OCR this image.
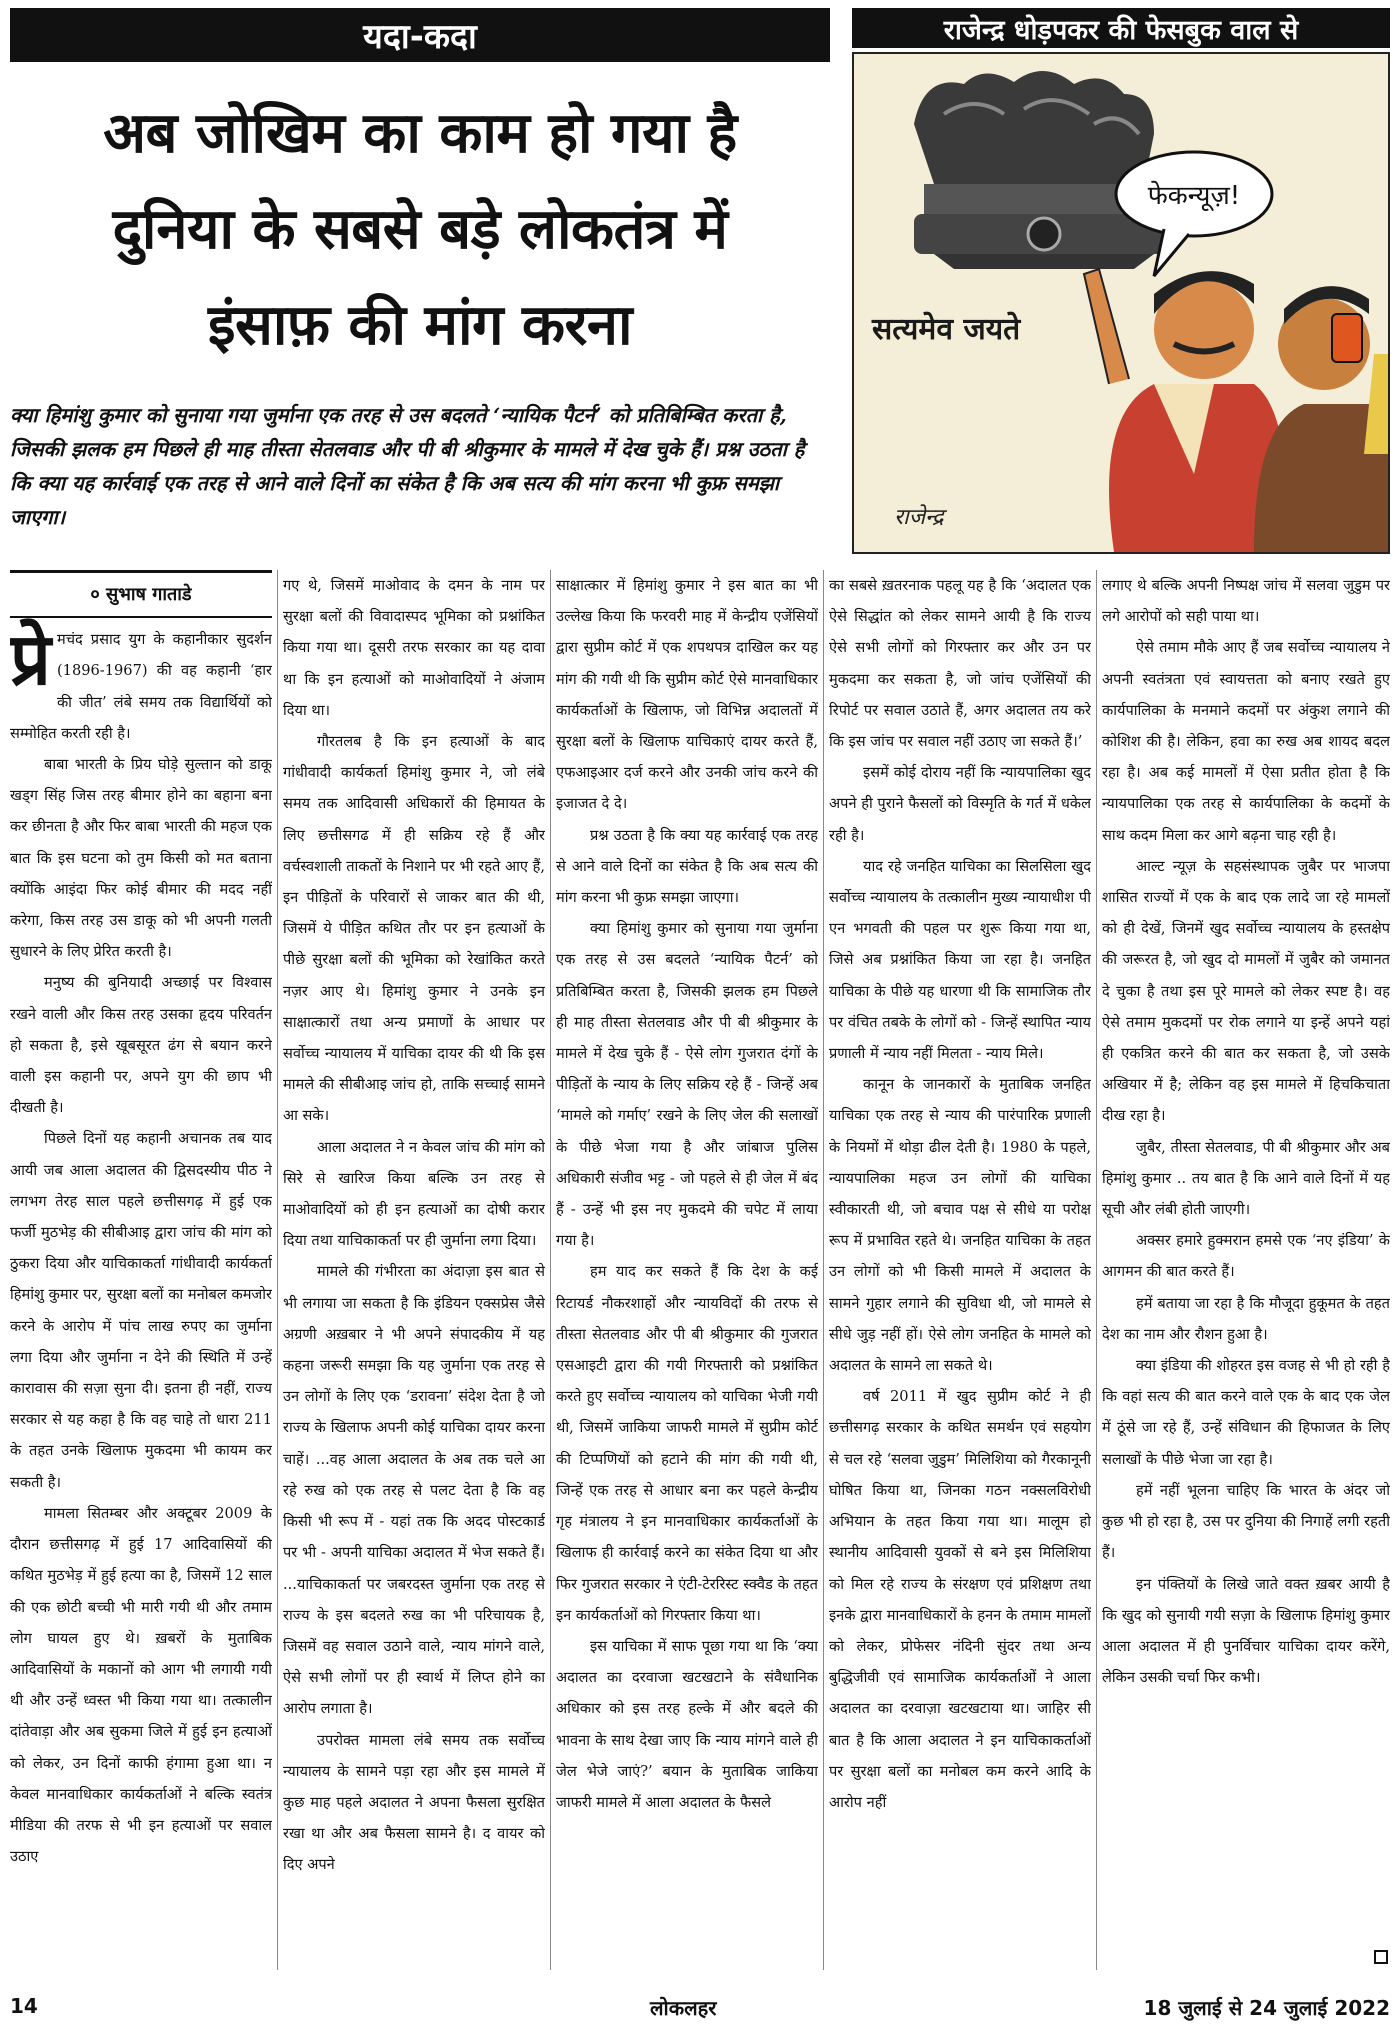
यदा-कदा	राजेन्द्र धोड़पकर की फेसबुक वाल से
अब जोखिम का काम हो गया है
दुनिया के सबसे बड़े लोकतंत्र में
इंसाफ़ की मांग करना

क्या हिमांशु कुमार को सुनाया गया जुर्माना एक तरह से उस बदलते ‘न्यायिक पैटर्न’ को प्रतिबिम्बित करता है, जिसकी झलक हम पिछले ही माह तीस्ता सेतलवाड और पी बी श्रीकुमार के मामले में देख चुके हैं। प्रश्न उठता है कि क्या यह कार्रवाई एक तरह से आने वाले दिनों का संकेत है कि अब सत्य की मांग करना भी कुफ्र समझा जाएगा।

सत्यमेव जयते
फेकन्यूज़!
राजेन्द्र
० सुभाष गाताडे

प्रे मचंद प्रसाद युग के कहानीकार सुदर्शन (1896-1967) की वह कहानी ‘हार की जीत’ लंबे समय तक विद्यार्थियों को सम्मोहित करती रही है।

बाबा भारती के प्रिय घोड़े सुल्तान को डाकू खड्ग सिंह जिस तरह बीमार होने का बहाना बना कर छीनता है और फिर बाबा भारती की महज एक बात कि इस घटना को तुम किसी को मत बताना क्योंकि आइंदा फिर कोई बीमार की मदद नहीं करेगा, किस तरह उस डाकू को भी अपनी गलती सुधारने के लिए प्रेरित करती है।

मनुष्य की बुनियादी अच्छाई पर विश्वास रखने वाली और किस तरह उसका हृदय परिवर्तन हो सकता है, इसे खूबसूरत ढंग से बयान करने वाली इस कहानी पर, अपने युग की छाप भी दीखती है।

पिछले दिनों यह कहानी अचानक तब याद आयी जब आला अदालत की द्विसदस्यीय पीठ ने लगभग तेरह साल पहले छत्तीसगढ़ में हुई एक फर्जी मुठभेड़ की सीबीआइ द्वारा जांच की मांग को ठुकरा दिया और याचिकाकर्ता गांधीवादी कार्यकर्ता हिमांशु कुमार पर, सुरक्षा बलों का मनोबल कमजोर करने के आरोप में पांच लाख रुपए का जुर्माना लगा दिया और जुर्माना न देने की स्थिति में उन्हें कारावास की सज़ा सुना दी। इतना ही नहीं, राज्य सरकार से यह कहा है कि वह चाहे तो धारा 211 के तहत उनके खिलाफ मुकदमा भी कायम कर सकती है।

मामला सितम्बर और अक्टूबर 2009 के दौरान छत्तीसगढ़ में हुई 17 आदिवासियों की कथित मुठभेड़ में हुई हत्या का है, जिसमें 12 साल की एक छोटी बच्ची भी मारी गयी थी और तमाम लोग घायल हुए थे। ख़बरों के मुताबिक आदिवासियों के मकानों को आग भी लगायी गयी थी और उन्हें ध्वस्त भी किया गया था। तत्कालीन दांतेवाड़ा और अब सुकमा जिले में हुई इन हत्याओं को लेकर, उन दिनों काफी हंगामा हुआ था। न केवल मानवाधिकार कार्यकर्ताओं ने बल्कि स्वतंत्र मीडिया की तरफ से भी इन हत्याओं पर सवाल उठाए

गए थे, जिसमें माओवाद के दमन के नाम पर सुरक्षा बलों की विवादास्पद भूमिका को प्रश्नांकित किया गया था। दूसरी तरफ सरकार का यह दावा था कि इन हत्याओं को माओवादियों ने अंजाम दिया था।

गौरतलब है कि इन हत्याओं के बाद गांधीवादी कार्यकर्ता हिमांशु कुमार ने, जो लंबे समय तक आदिवासी अधिकारों की हिमायत के लिए छत्तीसगढ में ही सक्रिय रहे हैं और वर्चस्वशाली ताकतों के निशाने पर भी रहते आए हैं, इन पीड़ितों के परिवारों से जाकर बात की थी, जिसमें ये पीड़ित कथित तौर पर इन हत्याओं के पीछे सुरक्षा बलों की भूमिका को रेखांकित करते नज़र आए थे। हिमांशु कुमार ने उनके इन साक्षात्कारों तथा अन्य प्रमाणों के आधार पर सर्वोच्च न्यायालय में याचिका दायर की थी कि इस मामले की सीबीआइ जांच हो, ताकि सच्चाई सामने आ सके।

आला अदालत ने न केवल जांच की मांग को सिरे से खारिज किया बल्कि उन तरह से माओवादियों को ही इन हत्याओं का दोषी करार दिया तथा याचिकाकर्ता पर ही जुर्माना लगा दिया।

मामले की गंभीरता का अंदाज़ा इस बात से भी लगाया जा सकता है कि इंडियन एक्सप्रेस जैसे अग्रणी अख़बार ने भी अपने संपादकीय में यह कहना जरूरी समझा कि यह जुर्माना एक तरह से उन लोगों के लिए एक ‘डरावना’ संदेश देता है जो राज्य के खिलाफ अपनी कोई याचिका दायर करना चाहें। ...वह आला अदालत के अब तक चले आ रहे रुख को एक तरह से पलट देता है कि वह किसी भी रूप में - यहां तक कि अदद पोस्टकार्ड पर भी - अपनी याचिका अदालत में भेज सकते हैं। ...याचिकाकर्ता पर जबरदस्त जुर्माना एक तरह से राज्य के इस बदलते रुख का भी परिचायक है, जिसमें वह सवाल उठाने वाले, न्याय मांगने वाले, ऐसे सभी लोगों पर ही स्वार्थ में लिप्त होने का आरोप लगाता है।

उपरोक्त मामला लंबे समय तक सर्वोच्च न्यायालय के सामने पड़ा रहा और इस मामले में कुछ माह पहले अदालत ने अपना फैसला सुरक्षित रखा था और अब फैसला सामने है। द वायर को दिए अपने

साक्षात्कार में हिमांशु कुमार ने इस बात का भी उल्लेख किया कि फरवरी माह में केन्द्रीय एजेंसियों द्वारा सुप्रीम कोर्ट में एक शपथपत्र दाखिल कर यह मांग की गयी थी कि सुप्रीम कोर्ट ऐसे मानवाधिकार कार्यकर्ताओं के खिलाफ, जो विभिन्न अदालतों में सुरक्षा बलों के खिलाफ याचिकाएं दायर करते हैं, एफआइआर दर्ज करने और उनकी जांच करने की इजाजत दे दे।

प्रश्न उठता है कि क्या यह कार्रवाई एक तरह से आने वाले दिनों का संकेत है कि अब सत्य की मांग करना भी कुफ्र समझा जाएगा।

क्या हिमांशु कुमार को सुनाया गया जुर्माना एक तरह से उस बदलते ‘न्यायिक पैटर्न’ को प्रतिबिम्बित करता है, जिसकी झलक हम पिछले ही माह तीस्ता सेतलवाड और पी बी श्रीकुमार के मामले में देख चुके हैं - ऐसे लोग गुजरात दंगों के पीड़ितों के न्याय के लिए सक्रिय रहे हैं - जिन्हें अब ‘मामले को गर्माए’ रखने के लिए जेल की सलाखों के पीछे भेजा गया है और जांबाज पुलिस अधिकारी संजीव भट्ट - जो पहले से ही जेल में बंद हैं - उन्हें भी इस नए मुकदमे की चपेट में लाया गया है।

हम याद कर सकते हैं कि देश के कई रिटायर्ड नौकरशाहों और न्यायविदों की तरफ से तीस्ता सेतलवाड और पी बी श्रीकुमार की गुजरात एसआइटी द्वारा की गयी गिरफ्तारी को प्रश्नांकित करते हुए सर्वोच्च न्यायालय को याचिका भेजी गयी थी, जिसमें जाकिया जाफरी मामले में सुप्रीम कोर्ट की टिप्पणियों को हटाने की मांग की गयी थी, जिन्हें एक तरह से आधार बना कर पहले केन्द्रीय गृह मंत्रालय ने इन मानवाधिकार कार्यकर्ताओं के खिलाफ ही कार्रवाई करने का संकेत दिया था और फिर गुजरात सरकार ने एंटी-टेररिस्ट स्क्वैड के तहत इन कार्यकर्ताओं को गिरफ्तार किया था।

इस याचिका में साफ पूछा गया था कि ‘क्या अदालत का दरवाजा खटखटाने के संवैधानिक अधिकार को इस तरह हल्के में और बदले की भावना के साथ देखा जाए कि न्याय मांगने वाले ही जेल भेजे जाएं?’ बयान के मुताबिक जाकिया जाफरी मामले में आला अदालत के फैसले

का सबसे ख़तरनाक पहलू यह है कि ‘अदालत एक ऐसे सिद्धांत को लेकर सामने आयी है कि राज्य ऐसे सभी लोगों को गिरफ्तार कर और उन पर मुकदमा कर सकता है, जो जांच एजेंसियों की रिपोर्ट पर सवाल उठाते हैं, अगर अदालत तय करे कि इस जांच पर सवाल नहीं उठाए जा सकते हैं।’

इसमें कोई दोराय नहीं कि न्यायपालिका खुद अपने ही पुराने फैसलों को विस्मृति के गर्त में धकेल रही है।

याद रहे जनहित याचिका का सिलसिला खुद सर्वोच्च न्यायालय के तत्कालीन मुख्य न्यायाधीश पी एन भगवती की पहल पर शुरू किया गया था, जिसे अब प्रश्नांकित किया जा रहा है। जनहित याचिका के पीछे यह धारणा थी कि सामाजिक तौर पर वंचित तबके के लोगों को - जिन्हें स्थापित न्याय प्रणाली में न्याय नहीं मिलता - न्याय मिले।

कानून के जानकारों के मुताबिक जनहित याचिका एक तरह से न्याय की पारंपारिक प्रणाली के नियमों में थोड़ा ढील देती है। 1980 के पहले, न्यायपालिका महज उन लोगों की याचिका स्वीकारती थी, जो बचाव पक्ष से सीधे या परोक्ष रूप में प्रभावित रहते थे। जनहित याचिका के तहत उन लोगों को भी किसी मामले में अदालत के सामने गुहार लगाने की सुविधा थी, जो मामले से सीधे जुड़ नहीं हों। ऐसे लोग जनहित के मामले को अदालत के सामने ला सकते थे।

वर्ष 2011 में खुद सुप्रीम कोर्ट ने ही छत्तीसगढ़ सरकार के कथित समर्थन एवं सहयोग से चल रहे ‘सलवा जुडुम’ मिलिशिया को गैरकानूनी घोषित किया था, जिनका गठन नक्सलविरोधी अभियान के तहत किया गया था। मालूम हो स्थानीय आदिवासी युवकों से बने इस मिलिशिया को मिल रहे राज्य के संरक्षण एवं प्रशिक्षण तथा इनके द्वारा मानवाधिकारों के हनन के तमाम मामलों को लेकर, प्रोफेसर नंदिनी सुंदर तथा अन्य बुद्धिजीवी एवं सामाजिक कार्यकर्ताओं ने आला अदालत का दरवाज़ा खटखटाया था। जाहिर सी बात है कि आला अदालत ने इन याचिकाकर्ताओं पर सुरक्षा बलों का मनोबल कम करने आदि के आरोप नहीं

लगाए थे बल्कि अपनी निष्पक्ष जांच में सलवा जुडुम पर लगे आरोपों को सही पाया था।

ऐसे तमाम मौके आए हैं जब सर्वोच्च न्यायालय ने अपनी स्वतंत्रता एवं स्वायत्तता को बनाए रखते हुए कार्यपालिका के मनमाने कदमों पर अंकुश लगाने की कोशिश की है। लेकिन, हवा का रुख अब शायद बदल रहा है। अब कई मामलों में ऐसा प्रतीत होता है कि न्यायपालिका एक तरह से कार्यपालिका के कदमों के साथ कदम मिला कर आगे बढ़ना चाह रही है।

आल्ट न्यूज़ के सहसंस्थापक जुबैर पर भाजपा शासित राज्यों में एक के बाद एक लादे जा रहे मामलों को ही देखें, जिनमें खुद सर्वोच्च न्यायालय के हस्तक्षेप की जरूरत है, जो खुद दो मामलों में जुबैर को जमानत दे चुका है तथा इस पूरे मामले को लेकर स्पष्ट है। वह ऐसे तमाम मुकदमों पर रोक लगाने या इन्हें अपने यहां ही एकत्रित करने की बात कर सकता है, जो उसके अखियार में है; लेकिन वह इस मामले में हिचकिचाता दीख रहा है।

जुबैर, तीस्ता सेतलवाड, पी बी श्रीकुमार और अब हिमांशु कुमार .. तय बात है कि आने वाले दिनों में यह सूची और लंबी होती जाएगी।

अक्सर हमारे हुक्मरान हमसे एक ‘नए इंडिया’ के आगमन की बात करते हैं।

हमें बताया जा रहा है कि मौजूदा हुकूमत के तहत देश का नाम और रौशन हुआ है।

क्या इंडिया की शोहरत इस वजह से भी हो रही है कि वहां सत्य की बात करने वाले एक के बाद एक जेल में ठूंसे जा रहे हैं, उन्हें संविधान की हिफाजत के लिए सलाखों के पीछे भेजा जा रहा है।

हमें नहीं भूलना चाहिए कि भारत के अंदर जो कुछ भी हो रहा है, उस पर दुनिया की निगाहें लगी रहती हैं।

इन पंक्तियों के लिखे जाते वक्त ख़बर आयी है कि खुद को सुनायी गयी सज़ा के खिलाफ हिमांशु कुमार आला अदालत में ही पुनर्विचार याचिका दायर करेंगे, लेकिन उसकी चर्चा फिर कभी।

14	लोकलहर	18 जुलाई से 24 जुलाई 2022
